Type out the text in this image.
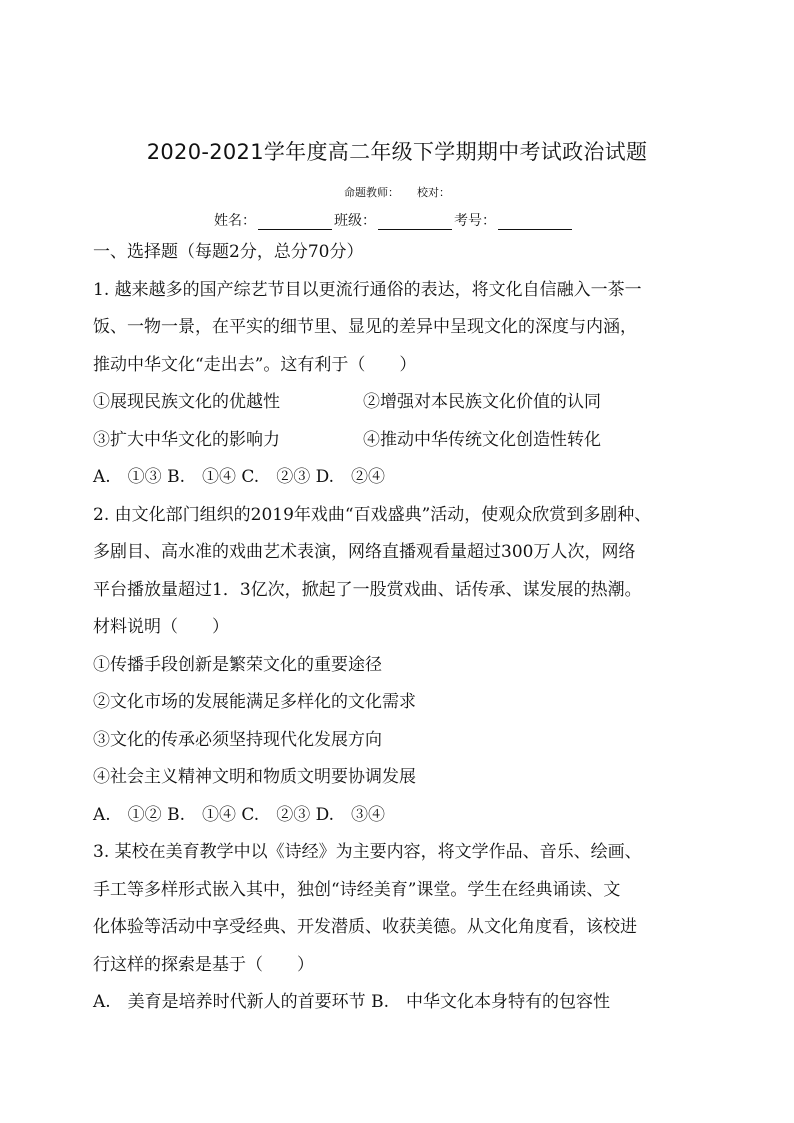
2020-2021学年度高二年级下学期期中考试政治试题
命题教师： 校对：
姓名：	班级：	考号：
一、选择题（每题2分，总分70分）
1. 越来越多的国产综艺节目以更流行通俗的表达，将文化自信融入一茶一
饭、一物一景，在平实的细节里、显见的差异中呈现文化的深度与内涵，
推动中华文化“走出去”。这有利于（　　）
①展现民族文化的优越性	②增强对本民族文化价值的认同
③扩大中华文化的影响力	④推动中华传统文化创造性转化
A.　①③ B.　①④ C.　②③ D.　②④
2. 由文化部门组织的2019年戏曲“百戏盛典”活动，使观众欣赏到多剧种、
多剧目、高水准的戏曲艺术表演，网络直播观看量超过300万人次，网络
平台播放量超过1．3亿次，掀起了一股赏戏曲、话传承、谋发展的热潮。
材料说明（　　）
①传播手段创新是繁荣文化的重要途径
②文化市场的发展能满足多样化的文化需求
③文化的传承必须坚持现代化发展方向
④社会主义精神文明和物质文明要协调发展
A.　①② B.　①④ C.　②③ D.　③④
3. 某校在美育教学中以《诗经》为主要内容，将文学作品、音乐、绘画、
手工等多样形式嵌入其中，独创“诗经美育”课堂。学生在经典诵读、文
化体验等活动中享受经典、开发潜质、收获美德。从文化角度看，该校进
行这样的探索是基于（　　）
A.　美育是培养时代新人的首要环节 B.　中华文化本身特有的包容性
